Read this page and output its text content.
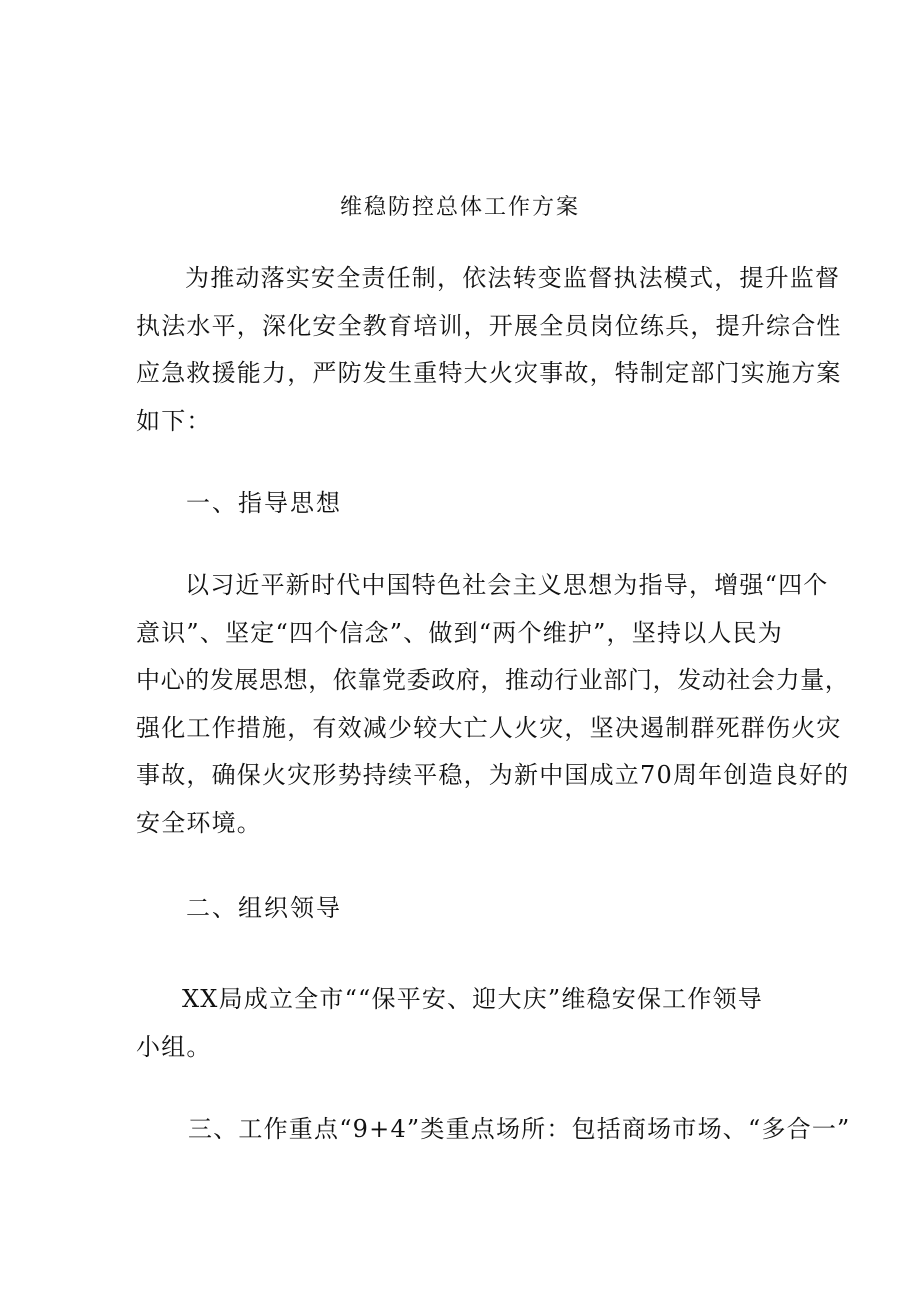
维稳防控总体工作方案
为推动落实安全责任制，依法转变监督执法模式，提升监督
执法水平，深化安全教育培训，开展全员岗位练兵，提升综合性
应急救援能力，严防发生重特大火灾事故，特制定部门实施方案
如下：
一、指导思想
以习近平新时代中国特色社会主义思想为指导，增强“四个
意识”、坚定“四个信念”、做到“两个维护”，坚持以人民为
中心的发展思想，依靠党委政府，推动行业部门，发动社会力量，
强化工作措施，有效减少较大亡人火灾，坚决遏制群死群伤火灾
事故，确保火灾形势持续平稳，为新中国成立70周年创造良好的
安全环境。
二、组织领导
XX局成立全市““保平安、迎大庆”维稳安保工作领导
小组。
三、工作重点“9+4”类重点场所：包括商场市场、“多合一”
